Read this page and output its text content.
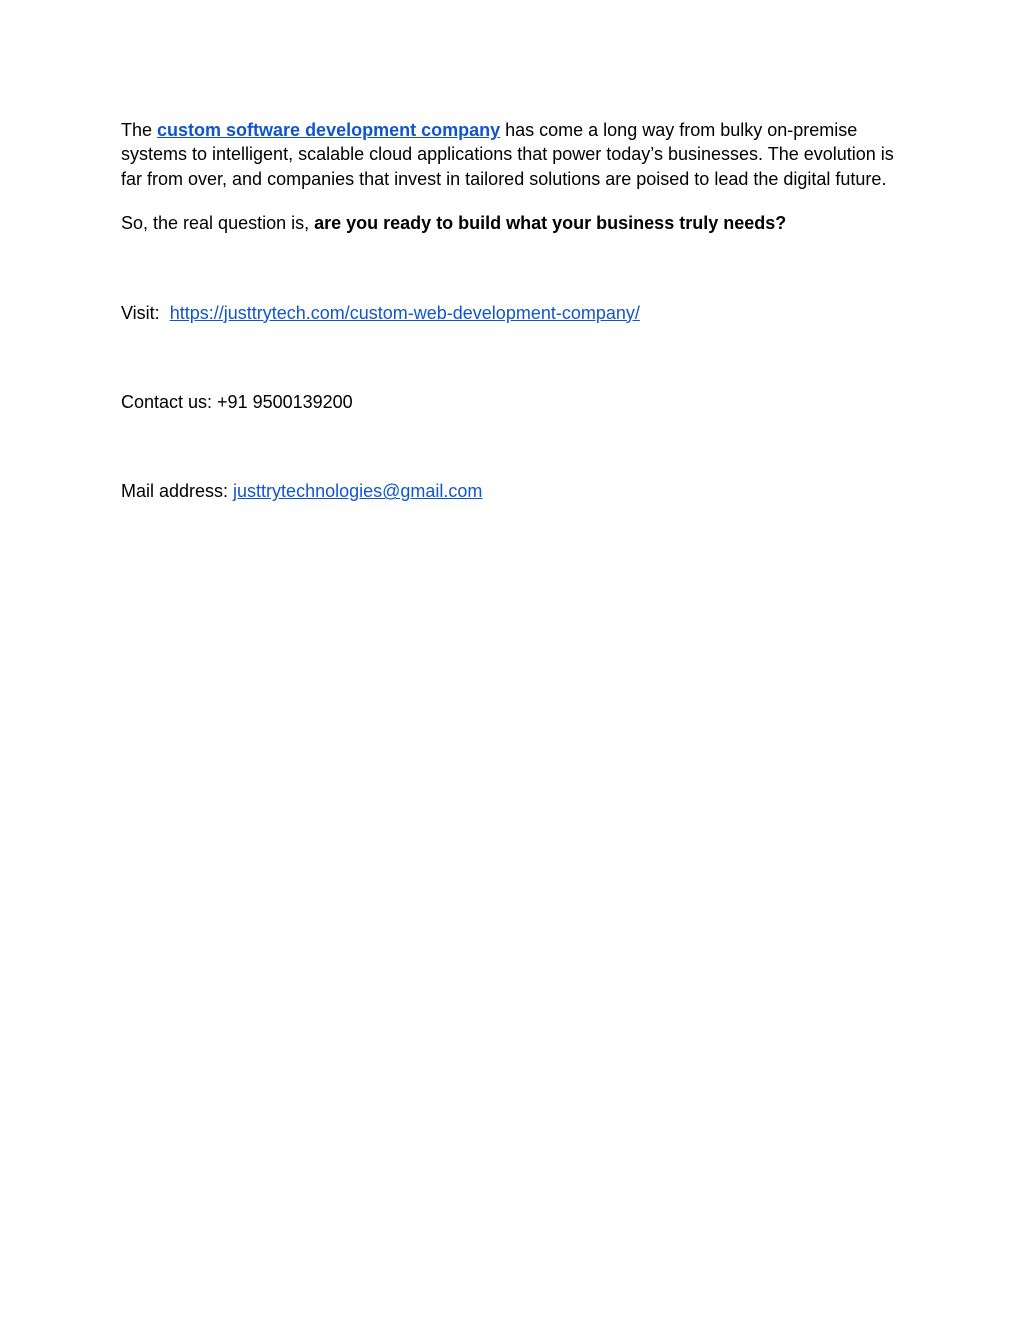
The custom software development company has come a long way from bulky on-premise systems to intelligent, scalable cloud applications that power today’s businesses. The evolution is far from over, and companies that invest in tailored solutions are poised to lead the digital future.

So, the real question is, are you ready to build what your business truly needs?

Visit: https://justtrytech.com/custom-web-development-company/

Contact us: +91 9500139200

Mail address: justtrytechnologies@gmail.com
